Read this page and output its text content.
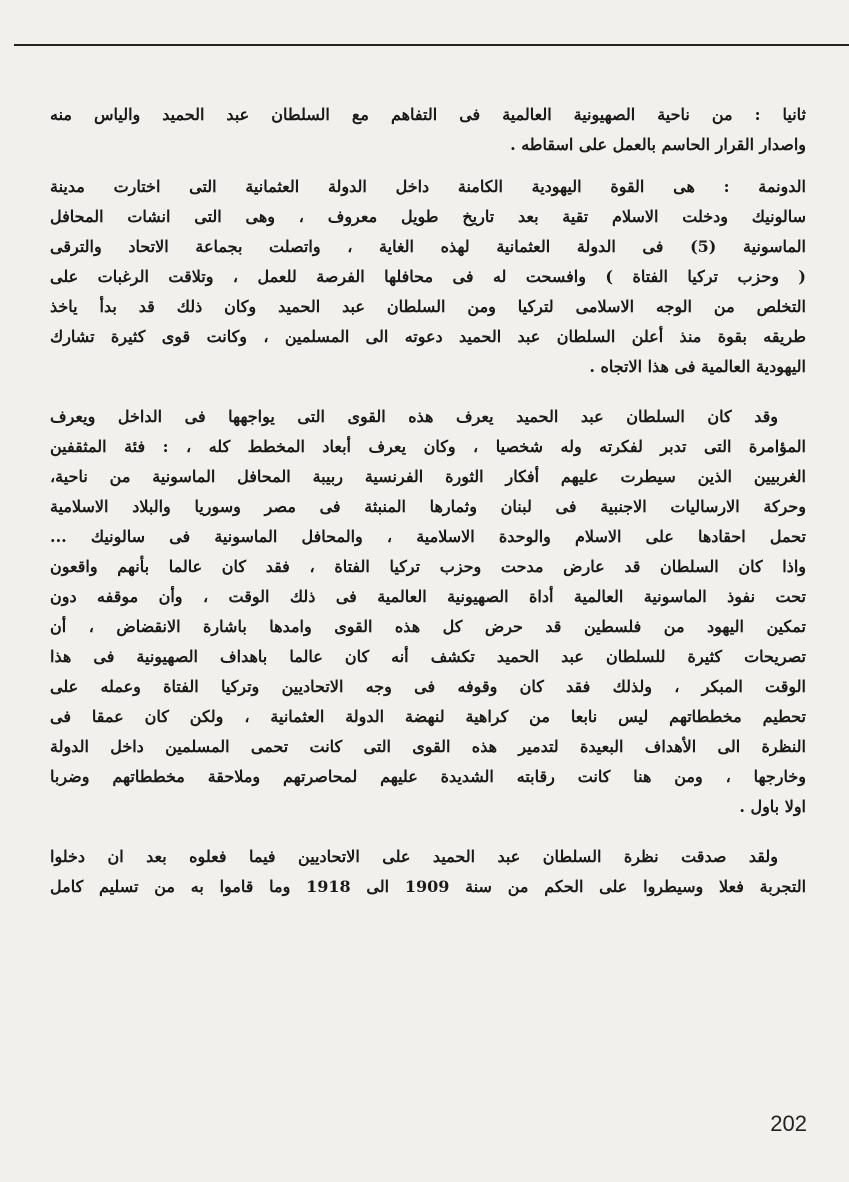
ثانيا : من ناحية الصهيونية العالمية فى التفاهم مع السلطان عبد الحميد والياس منه
واصدار القرار الحاسم بالعمل على اسقاطه .
الدونمة : هى القوة اليهودية الكامنة داخل الدولة العثمانية التى اختارت مدينة
سالونيك ودخلت الاسلام تقية بعد تاريخ طويل معروف ، وهى التى انشات المحافل
الماسونية (5) فى الدولة العثمانية لهذه الغاية ، واتصلت بجماعة الاتحاد والترقى
( وحزب تركيا الفتاة ) وافسحت له فى محافلها الفرصة للعمل ، وتلاقت الرغبات على
التخلص من الوجه الاسلامى لتركيا ومن السلطان عبد الحميد وكان ذلك قد بدأ ياخذ
طريقه بقوة منذ أعلن السلطان عبد الحميد دعوته الى المسلمين ، وكانت قوى كثيرة تشارك
اليهودية العالمية فى هذا الاتجاه .
وقد كان السلطان عبد الحميد يعرف هذه القوى التى يواجهها فى الداخل ويعرف
المؤامرة التى تدبر لفكرته وله شخصيا ، وكان يعرف أبعاد المخطط كله ، : فئة المثقفين
الغربيين الذين سيطرت عليهم أفكار الثورة الفرنسية ربيبة المحافل الماسونية من ناحية،
وحركة الارساليات الاجنبية فى لبنان وثمارها المنبثة فى مصر وسوريا والبلاد الاسلامية
تحمل احقادها على الاسلام والوحدة الاسلامية ، والمحافل الماسونية فى سالونيك ...
واذا كان السلطان قد عارض مدحت وحزب تركيا الفتاة ، فقد كان عالما بأنهم واقعون
تحت نفوذ الماسونية العالمية أداة الصهيونية العالمية فى ذلك الوقت ، وأن موقفه دون
تمكين اليهود من فلسطين قد حرض كل هذه القوى وامدها باشارة الانقضاض ، أن
تصريحات كثيرة للسلطان عبد الحميد تكشف أنه كان عالما باهداف الصهيونية فى هذا
الوقت المبكر ، ولذلك فقد كان وقوفه فى وجه الاتحاديين وتركيا الفتاة وعمله على
تحطيم مخططاتهم ليس نابعا من كراهية لنهضة الدولة العثمانية ، ولكن كان عمقا فى
النظرة الى الأهداف البعيدة لتدمير هذه القوى التى كانت تحمى المسلمين داخل الدولة
وخارجها ، ومن هنا كانت رقابته الشديدة عليهم لمحاصرتهم وملاحقة مخططاتهم وضربا
اولا باول .
ولقد صدقت نظرة السلطان عبد الحميد على الاتحاديين فيما فعلوه بعد ان دخلوا
التجربة فعلا وسيطروا على الحكم من سنة 1909 الى 1918 وما قاموا به من تسليم كامل
202
